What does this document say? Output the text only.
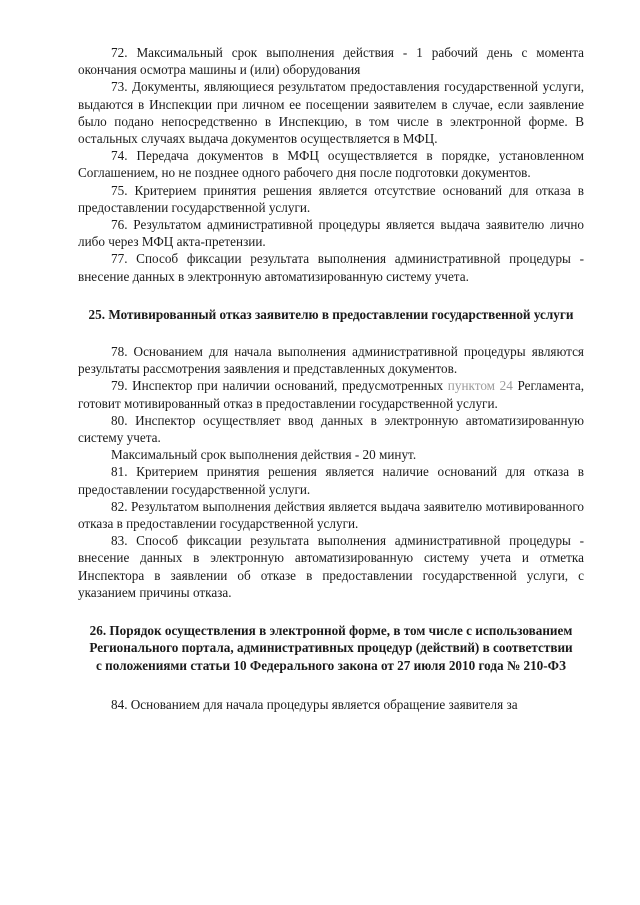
72. Максимальный срок выполнения действия - 1 рабочий день с момента окончания осмотра машины и (или) оборудования

73. Документы, являющиеся результатом предоставления государственной услуги, выдаются в Инспекции при личном ее посещении заявителем в случае, если заявление было подано непосредственно в Инспекцию, в том числе в электронной форме. В остальных случаях выдача документов осуществляется в МФЦ.

74. Передача документов в МФЦ осуществляется в порядке, установленном Соглашением, но не позднее одного рабочего дня после подготовки документов.

75. Критерием принятия решения является отсутствие оснований для отказа в предоставлении государственной услуги.

76. Результатом административной процедуры является выдача заявителю лично либо через МФЦ акта-претензии.

77. Способ фиксации результата выполнения административной процедуры - внесение данных в электронную автоматизированную систему учета.

25. Мотивированный отказ заявителю в предоставлении государственной услуги

78. Основанием для начала выполнения административной процедуры являются результаты рассмотрения заявления и представленных документов.

79. Инспектор при наличии оснований, предусмотренных пунктом 24 Регламента, готовит мотивированный отказ в предоставлении государственной услуги.

80. Инспектор осуществляет ввод данных в электронную автоматизированную систему учета.

Максимальный срок выполнения действия - 20 минут.

81. Критерием принятия решения является наличие оснований для отказа в предоставлении государственной услуги.

82. Результатом выполнения действия является выдача заявителю мотивированного отказа в предоставлении государственной услуги.

83. Способ фиксации результата выполнения административной процедуры - внесение данных в электронную автоматизированную систему учета и отметка Инспектора в заявлении об отказе в предоставлении государственной услуги, с указанием причины отказа.

26. Порядок осуществления в электронной форме, в том числе с использованием Регионального портала, административных процедур (действий) в соответствии с положениями статьи 10 Федерального закона от 27 июля 2010 года № 210-ФЗ

84. Основанием для начала процедуры является обращение заявителя за
